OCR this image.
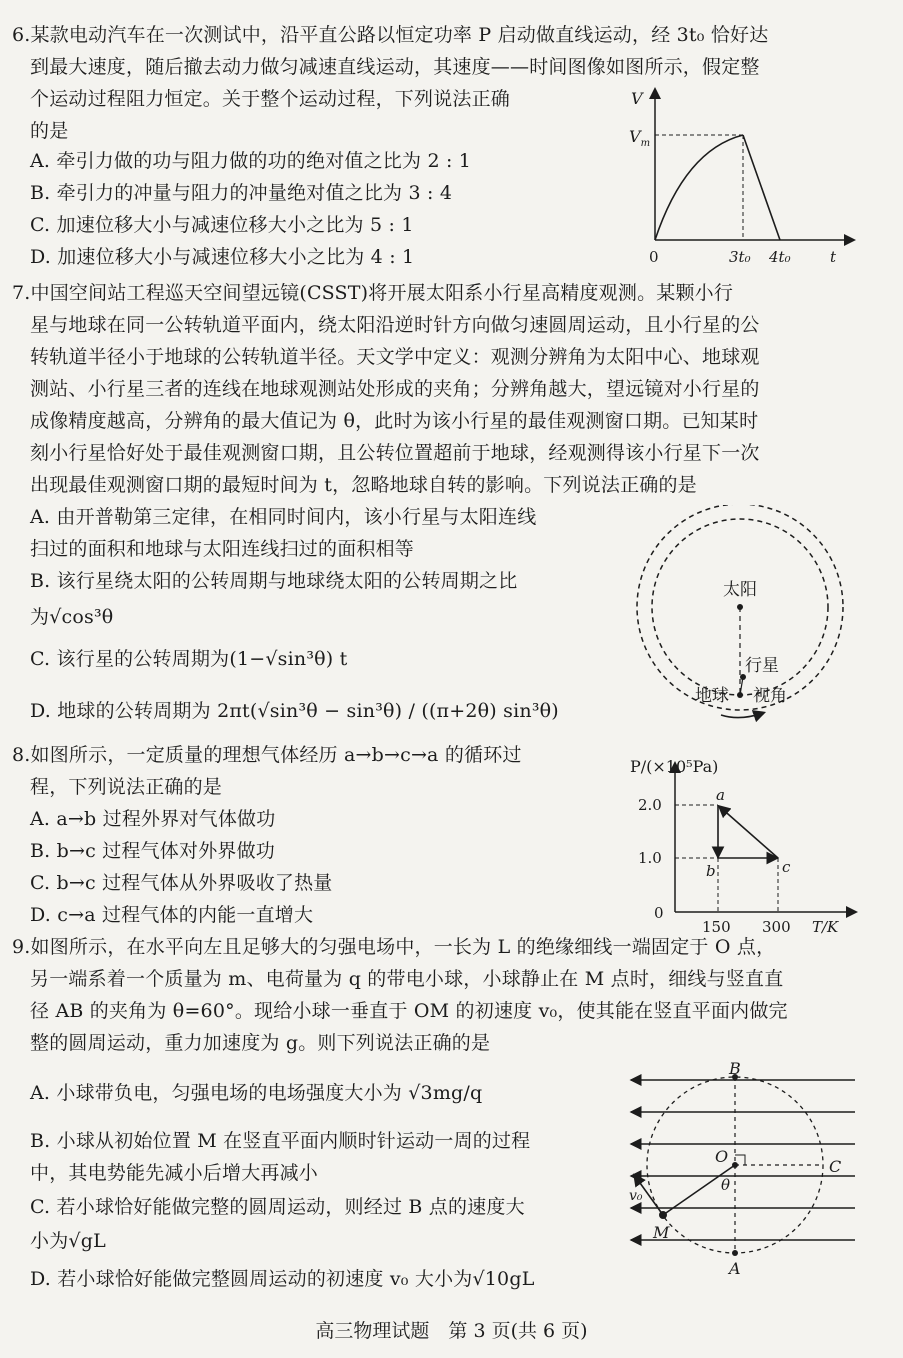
6.某款电动汽车在一次测试中，沿平直公路以恒定功率 P 启动做直线运动，经 3t₀ 恰好达
到最大速度，随后撤去动力做匀减速直线运动，其速度——时间图像如图所示，假定整
个运动过程阻力恒定。关于整个运动过程，下列说法正确
的是
A. 牵引力做的功与阻力做的功的绝对值之比为 2 : 1
B. 牵引力的冲量与阻力的冲量绝对值之比为 3 : 4
C. 加速位移大小与减速位移大小之比为 5 : 1
D. 加速位移大小与减速位移大小之比为 4 : 1
V
$V_m$
0	3t₀ 4t₀	t
7.中国空间站工程巡天空间望远镜(CSST)将开展太阳系小行星高精度观测。某颗小行
星与地球在同一公转轨道平面内，绕太阳沿逆时针方向做匀速圆周运动，且小行星的公
转轨道半径小于地球的公转轨道半径。天文学中定义：观测分辨角为太阳中心、地球观
测站、小行星三者的连线在地球观测站处形成的夹角；分辨角越大，望远镜对小行星的
成像精度越高，分辨角的最大值记为 θ，此时为该小行星的最佳观测窗口期。已知某时
刻小行星恰好处于最佳观测窗口期，且公转位置超前于地球，经观测得该小行星下一次
出现最佳观测窗口期的最短时间为 t，忽略地球自转的影响。下列说法正确的是
A. 由开普勒第三定律，在相同时间内，该小行星与太阳连线
扫过的面积和地球与太阳连线扫过的面积相等
B. 该行星绕太阳的公转周期与地球绕太阳的公转周期之比
为√cos³θ
C. 该行星的公转周期为(1−√sin³θ) t
D. 地球的公转周期为 2πt(√sin³θ − sin³θ) / ((π+2θ) sin³θ)
太阳
行星
地球 视角
8.如图所示，一定质量的理想气体经历 a→b→c→a 的循环过
程，下列说法正确的是
A. a→b 过程外界对气体做功
B. b→c 过程气体对外界做功
C. b→c 过程气体从外界吸收了热量
D. c→a 过程气体的内能一直增大
P/(×10⁵Pa)
2.0
1.0
0
150 300 T/K
a
b	c
9.如图所示，在水平向左且足够大的匀强电场中，一长为 L 的绝缘细线一端固定于 O 点，
另一端系着一个质量为 m、电荷量为 q 的带电小球，小球静止在 M 点时，细线与竖直直
径 AB 的夹角为 θ=60°。现给小球一垂直于 OM 的初速度 v₀，使其能在竖直平面内做完
整的圆周运动，重力加速度为 g。则下列说法正确的是
A. 小球带负电，匀强电场的电场强度大小为 √3mg/q
B. 小球从初始位置 M 在竖直平面内顺时针运动一周的过程
中，其电势能先减小后增大再减小
C. 若小球恰好能做完整的圆周运动，则经过 B 点的速度大
小为√gL
D. 若小球恰好能做完整圆周运动的初速度 v₀ 大小为√10gL
B
A
O
C
M
θ
v₀
高三物理试题　第 3 页(共 6 页)
